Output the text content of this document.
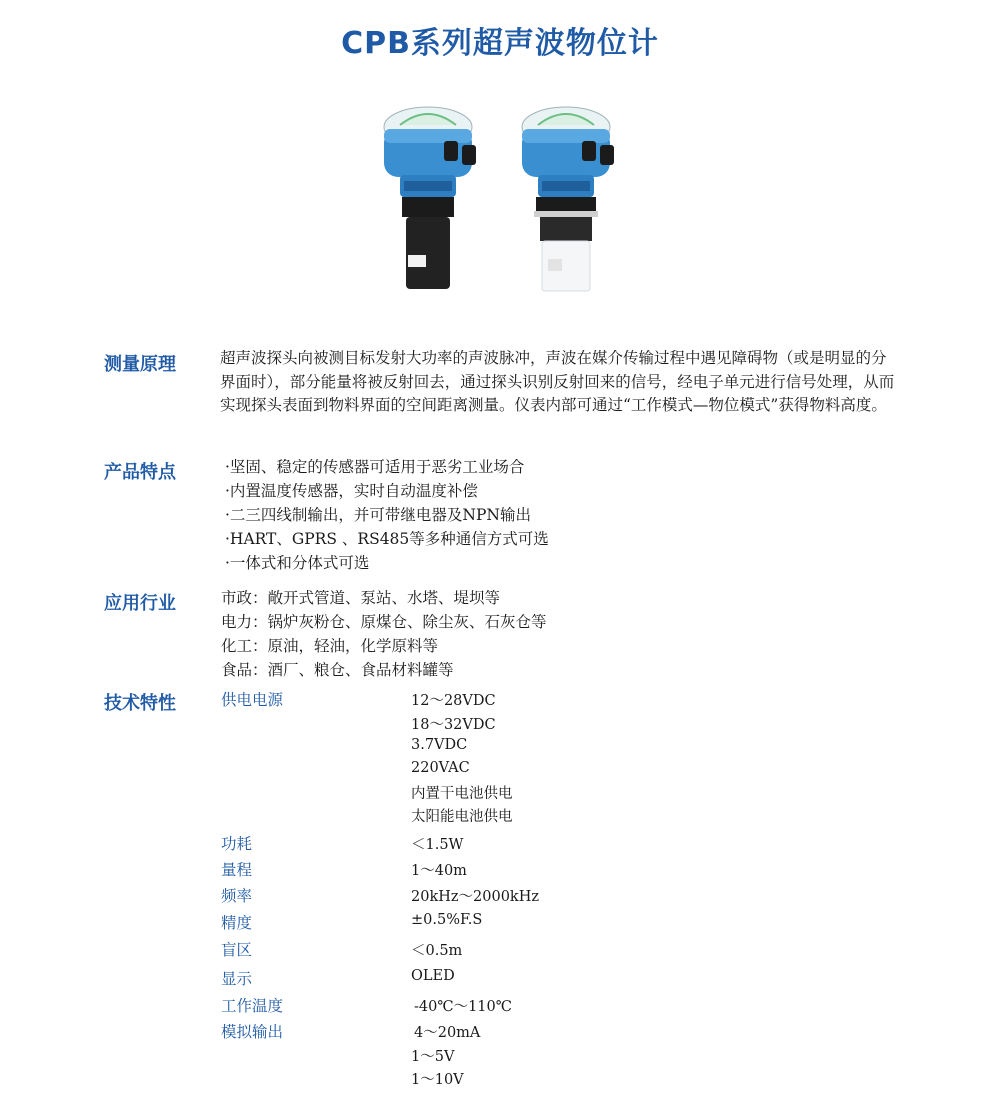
CPB系列超声波物位计
测量原理	超声波探头向被测目标发射大功率的声波脉冲，声波在媒介传输过程中遇见障碍物（或是明显的分界面时），部分能量将被反射回去，通过探头识别反射回来的信号，经电子单元进行信号处理，从而实现探头表面到物料界面的空间距离测量。仪表内部可通过“工作模式—物位模式”获得物料高度。
产品特点	·坚固、稳定的传感器可适用于恶劣工业场合
·内置温度传感器，实时自动温度补偿
·二三四线制输出，并可带继电器及NPN输出
·HART、GPRS 、RS485等多种通信方式可选
·一体式和分体式可选
应用行业	市政：敞开式管道、泵站、水塔、堤坝等
电力：锅炉灰粉仓、原煤仓、除尘灰、石灰仓等
化工：原油，轻油，化学原料等
食品：酒厂、粮仓、食品材料罐等
技术特性	供电电源	12～28VDC
18～32VDC
3.7VDC
220VAC
内置干电池供电
太阳能电池供电
功耗	＜1.5W
量程	1～40m
频率	20kHz～2000kHz
精度	±0.5%F.S
盲区	＜0.5m
显示	OLED
工作温度	-40℃～110℃
模拟输出	4～20mA
1～5V
1～10V
